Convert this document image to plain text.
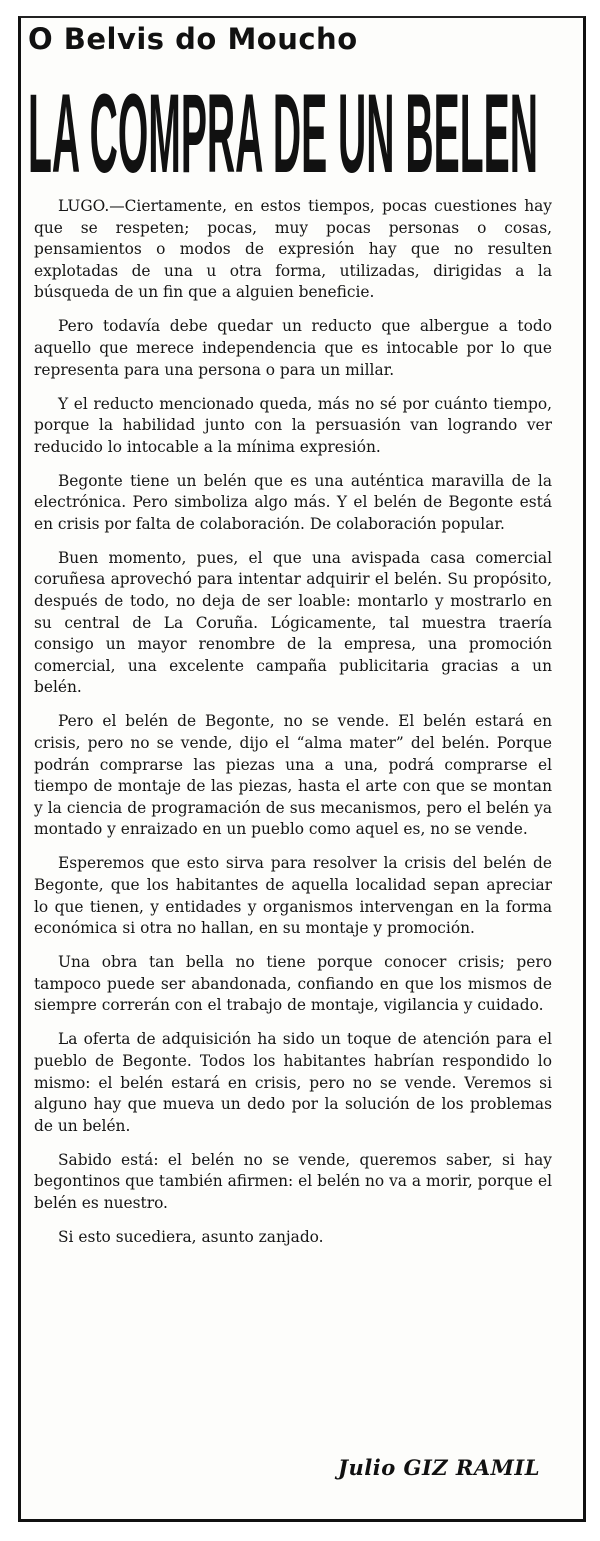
O Belvis do Moucho
LA COMPRA DE UN BELEN

LUGO.—Ciertamente, en estos tiempos, pocas cuestiones hay que se respeten; pocas, muy pocas personas o cosas, pensamientos o modos de expresión hay que no resulten explotadas de una u otra forma, utilizadas, dirigidas a la búsqueda de un fin que a alguien beneficie.

Pero todavía debe quedar un reducto que albergue a todo aquello que merece independencia que es intocable por lo que representa para una persona o para un millar.

Y el reducto mencionado queda, más no sé por cuánto tiempo, porque la habilidad junto con la persuasión van logrando ver reducido lo intocable a la mínima expresión.

Begonte tiene un belén que es una auténtica maravilla de la electrónica. Pero simboliza algo más. Y el belén de Begonte está en crisis por falta de colaboración. De colaboración popular.

Buen momento, pues, el que una avispada casa comercial coruñesa aprovechó para intentar adquirir el belén. Su propósito, después de todo, no deja de ser loable: montarlo y mostrarlo en su central de La Coruña. Lógicamente, tal muestra traería consigo un mayor renombre de la empresa, una promoción comercial, una excelente campaña publicitaria gracias a un belén.

Pero el belén de Begonte, no se vende. El belén estará en crisis, pero no se vende, dijo el “alma mater” del belén. Porque podrán comprarse las piezas una a una, podrá comprarse el tiempo de montaje de las piezas, hasta el arte con que se montan y la ciencia de programación de sus mecanismos, pero el belén ya montado y enraizado en un pueblo como aquel es, no se vende.

Esperemos que esto sirva para resolver la crisis del belén de Begonte, que los habitantes de aquella localidad sepan apreciar lo que tienen, y entidades y organismos intervengan en la forma económica si otra no hallan, en su montaje y promoción.

Una obra tan bella no tiene porque conocer crisis; pero tampoco puede ser abandonada, confiando en que los mismos de siempre correrán con el trabajo de montaje, vigilancia y cuidado.

La oferta de adquisición ha sido un toque de atención para el pueblo de Begonte. Todos los habitantes habrían respondido lo mismo: el belén estará en crisis, pero no se vende. Veremos si alguno hay que mueva un dedo por la solución de los problemas de un belén.

Sabido está: el belén no se vende, queremos saber, si hay begontinos que también afirmen: el belén no va a morir, porque el belén es nuestro.

Si esto sucediera, asunto zanjado.

Julio GIZ RAMIL
